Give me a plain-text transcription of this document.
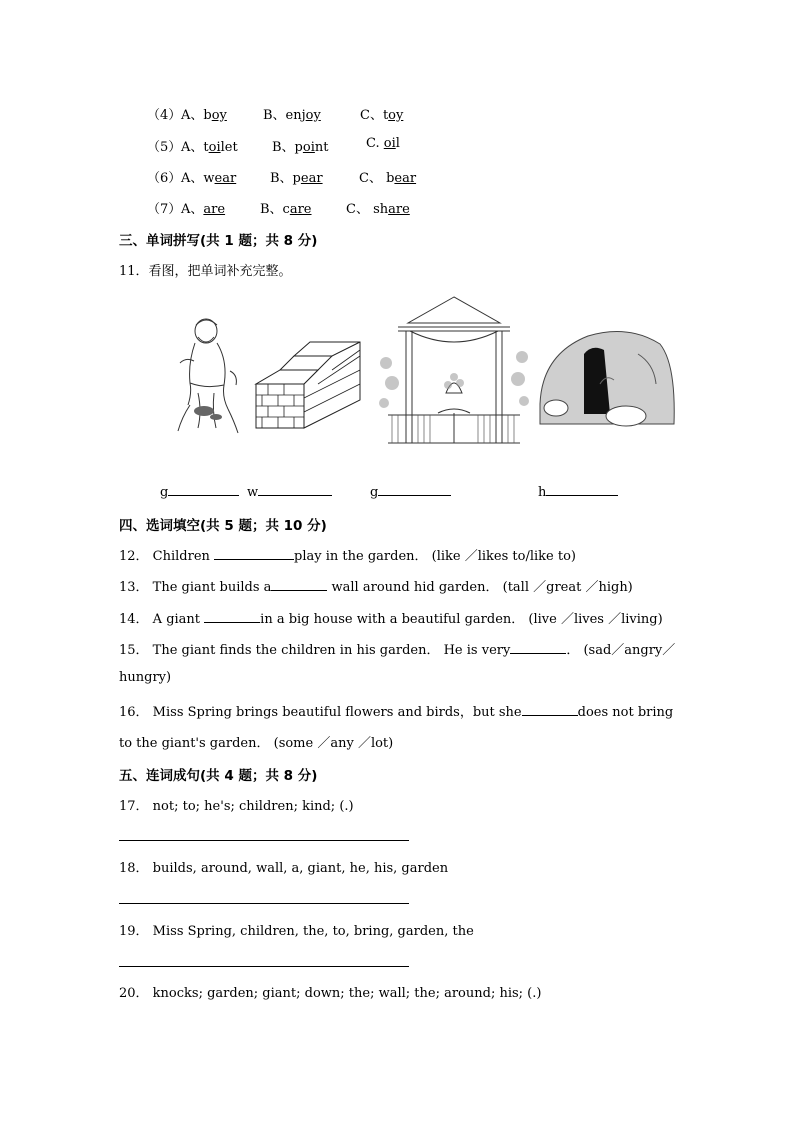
（4） A、boy	B、enjoy	C、toy
（5） A、toilet	B、point	C. oil
（6） A、wear	B、pear	C、 bear
（7） A、are	B、care	C、 share
三、单词拼写(共 1 题；共 8 分)
11．看图，把单词补充完整。
g	w	g	h
四、选词填空(共 5 题；共 10 分)
12． Children	play in the garden． (like ／likes to/like to)
13． The giant builds a	wall around hid garden． (tall ／great ／high)
14． A giant	in a big house with a beautiful garden． (live ／lives ／living)
15． The giant finds the children in his garden． He is very	． (sad／angry／
hungry)
16． Miss Spring brings beautiful flowers and birds，but she	does not bring
to the giant's garden． (some ／any ／lot)
五、连词成句(共 4 题；共 8 分)
17． not; to; he's; children; kind; (.)
18． builds, around, wall, a, giant, he, his, garden
19． Miss Spring, children, the, to, bring, garden, the
20． knocks; garden; giant; down; the; wall; the; around; his; (.)
